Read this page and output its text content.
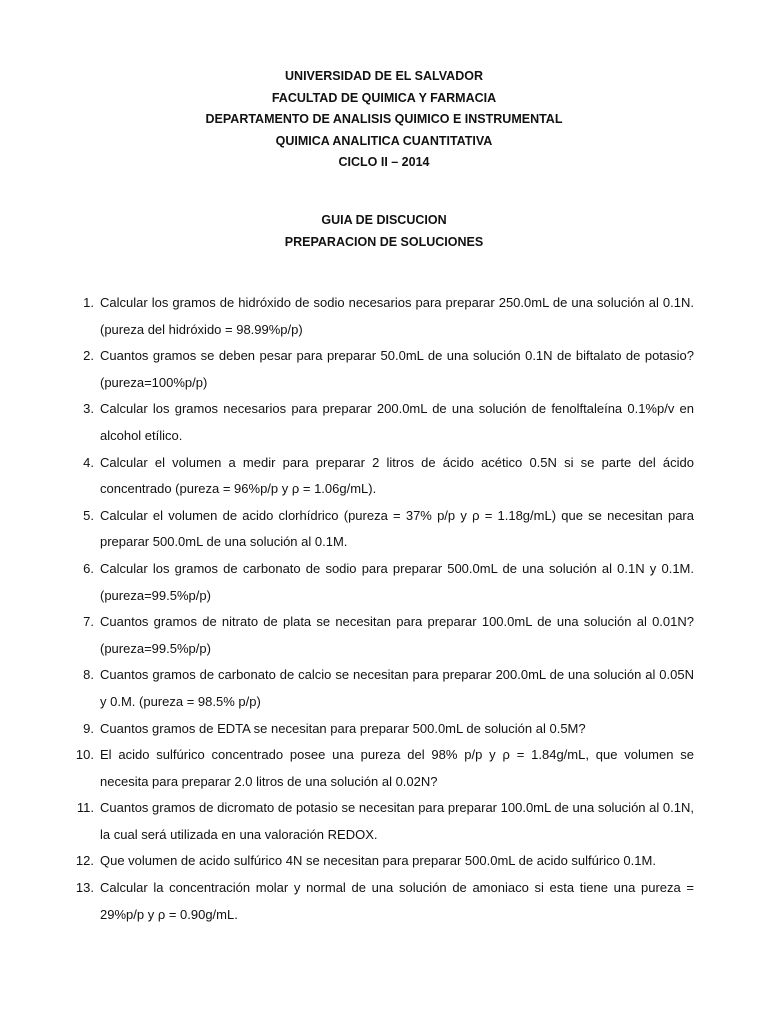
UNIVERSIDAD DE EL SALVADOR
FACULTAD DE QUIMICA Y FARMACIA
DEPARTAMENTO DE ANALISIS QUIMICO E INSTRUMENTAL
QUIMICA ANALITICA CUANTITATIVA
CICLO II – 2014
GUIA DE DISCUCION
PREPARACION DE SOLUCIONES
1. Calcular los gramos de hidróxido de sodio necesarios para preparar 250.0mL de una solución al 0.1N. (pureza del hidróxido = 98.99%p/p)
2. Cuantos gramos se deben pesar para preparar 50.0mL de una solución 0.1N de biftalato de potasio? (pureza=100%p/p)
3. Calcular los gramos necesarios para preparar 200.0mL de una solución de fenolftaleína 0.1%p/v en alcohol etílico.
4. Calcular el volumen a medir para preparar 2 litros de ácido acético 0.5N si se parte del ácido concentrado (pureza = 96%p/p y ρ = 1.06g/mL).
5. Calcular el volumen de acido clorhídrico (pureza = 37% p/p y ρ = 1.18g/mL) que se necesitan para preparar 500.0mL de una solución al 0.1M.
6. Calcular los gramos de carbonato de sodio para preparar 500.0mL de una solución al 0.1N y 0.1M. (pureza=99.5%p/p)
7. Cuantos gramos de nitrato de plata se necesitan para preparar 100.0mL de una solución al 0.01N? (pureza=99.5%p/p)
8. Cuantos gramos de carbonato de calcio se necesitan para preparar 200.0mL de una solución al 0.05N y 0.M. (pureza = 98.5% p/p)
9. Cuantos gramos de EDTA se necesitan para preparar 500.0mL de solución al 0.5M?
10. El acido sulfúrico concentrado posee una pureza del 98% p/p y ρ = 1.84g/mL, que volumen se necesita para preparar 2.0 litros de una solución al 0.02N?
11. Cuantos gramos de dicromato de potasio se necesitan para preparar 100.0mL de una solución al 0.1N, la cual será utilizada en una valoración REDOX.
12. Que volumen de acido sulfúrico 4N se necesitan para preparar 500.0mL de acido sulfúrico 0.1M.
13. Calcular la concentración molar y normal de una solución de amoniaco si esta tiene una pureza = 29%p/p y ρ = 0.90g/mL.
